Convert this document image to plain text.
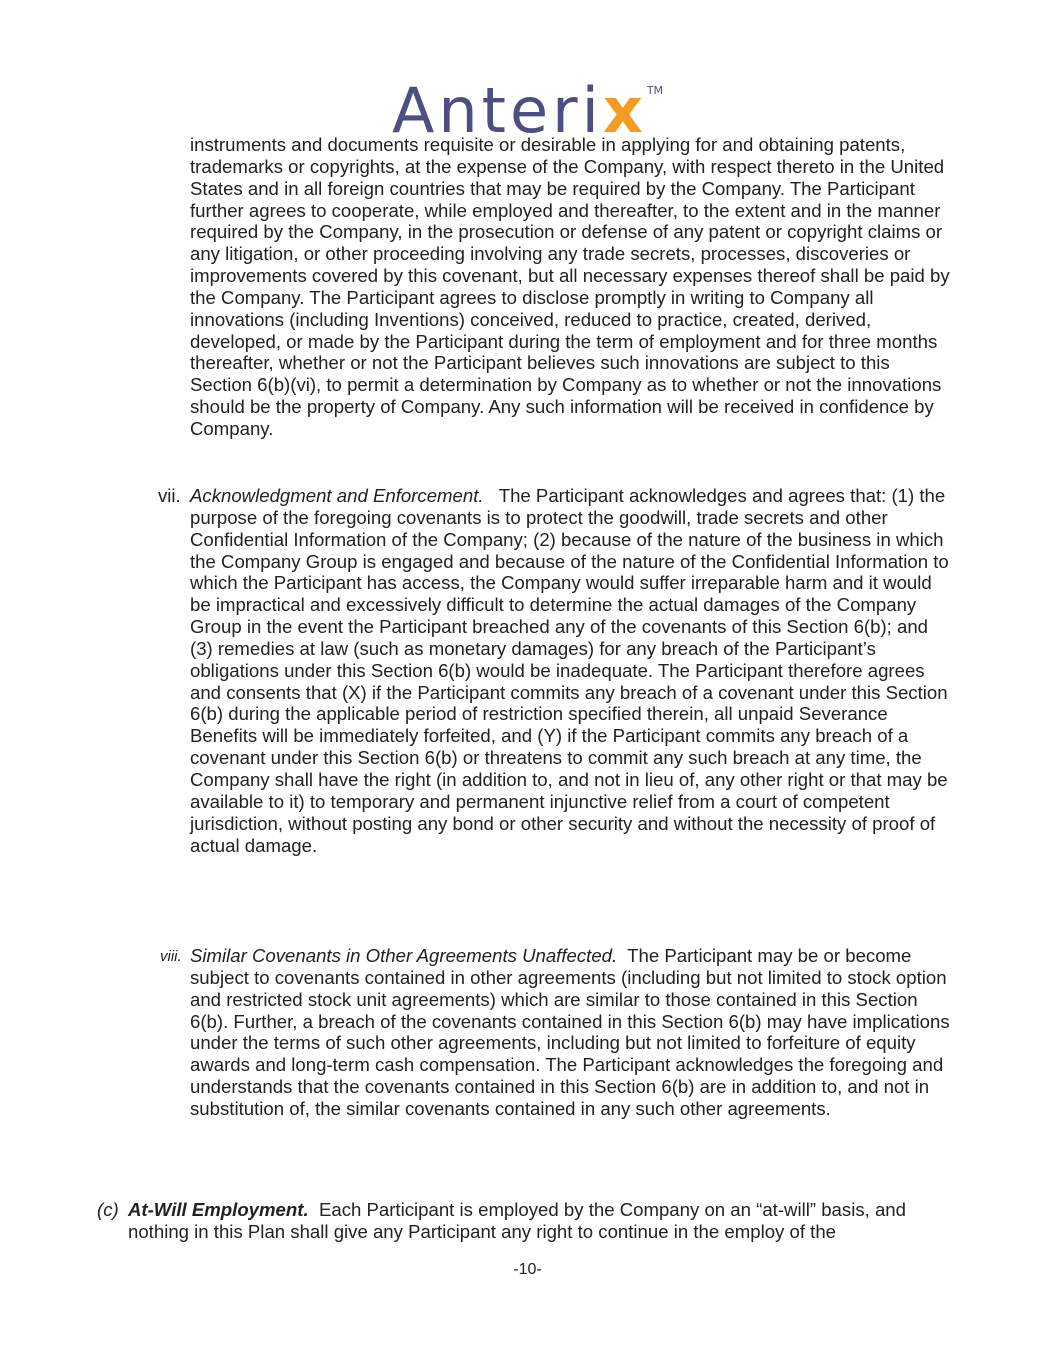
Anterix™

instruments and documents requisite or desirable in applying for and obtaining patents, trademarks or copyrights, at the expense of the Company, with respect thereto in the United States and in all foreign countries that may be required by the Company. The Participant further agrees to cooperate, while employed and thereafter, to the extent and in the manner required by the Company, in the prosecution or defense of any patent or copyright claims or any litigation, or other proceeding involving any trade secrets, processes, discoveries or improvements covered by this covenant, but all necessary expenses thereof shall be paid by the Company. The Participant agrees to disclose promptly in writing to Company all innovations (including Inventions) conceived, reduced to practice, created, derived, developed, or made by the Participant during the term of employment and for three months thereafter, whether or not the Participant believes such innovations are subject to this Section 6(b)(vi), to permit a determination by Company as to whether or not the innovations should be the property of Company. Any such information will be received in confidence by Company.

vii. Acknowledgment and Enforcement. The Participant acknowledges and agrees that: (1) the purpose of the foregoing covenants is to protect the goodwill, trade secrets and other Confidential Information of the Company; (2) because of the nature of the business in which the Company Group is engaged and because of the nature of the Confidential Information to which the Participant has access, the Company would suffer irreparable harm and it would be impractical and excessively difficult to determine the actual damages of the Company Group in the event the Participant breached any of the covenants of this Section 6(b); and (3) remedies at law (such as monetary damages) for any breach of the Participant’s obligations under this Section 6(b) would be inadequate. The Participant therefore agrees and consents that (X) if the Participant commits any breach of a covenant under this Section 6(b) during the applicable period of restriction specified therein, all unpaid Severance Benefits will be immediately forfeited, and (Y) if the Participant commits any breach of a covenant under this Section 6(b) or threatens to commit any such breach at any time, the Company shall have the right (in addition to, and not in lieu of, any other right or that may be available to it) to temporary and permanent injunctive relief from a court of competent jurisdiction, without posting any bond or other security and without the necessity of proof of actual damage.

viii. Similar Covenants in Other Agreements Unaffected. The Participant may be or become subject to covenants contained in other agreements (including but not limited to stock option and restricted stock unit agreements) which are similar to those contained in this Section 6(b). Further, a breach of the covenants contained in this Section 6(b) may have implications under the terms of such other agreements, including but not limited to forfeiture of equity awards and long-term cash compensation. The Participant acknowledges the foregoing and understands that the covenants contained in this Section 6(b) are in addition to, and not in substitution of, the similar covenants contained in any such other agreements.

(c) At-Will Employment. Each Participant is employed by the Company on an “at-will” basis, and nothing in this Plan shall give any Participant any right to continue in the employ of the

-10-
